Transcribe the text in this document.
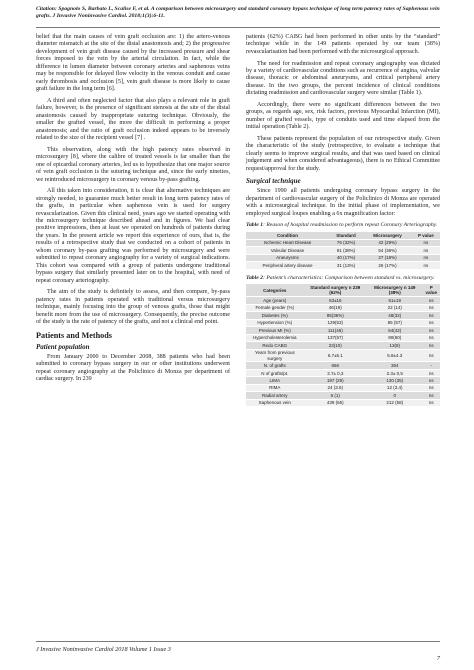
Citation: Spagnolo S, Barbato L, Scalise F, et al. A comparison between microsurgery and standard coronary bypass technique of long term patency rates of Saphenous vein grafts. J Invasive Noninvasive Cardiol. 2018;1(3):6-11.

belief that the main causes of vein graft occlusion are: 1) the artero-venous diameter mismatch at the site of the distal anastomosis and; 2) the progressive development of vein graft disease caused by the increased pressure and shear forces imposed to the vein by the arterial circulation. In fact, while the difference in lumen diameter between coronary arteries and saphenous veins may be responsible for delayed flow velocity in the venous conduit and cause early thrombosis and occlusion [5], vein graft disease is more likely to cause graft failure in the long term [6].

A third and often neglected factor that also plays a relevant role in graft failure, however, is the presence of significant stenosis at the site of the distal anastomosis caused by inappropriate suturing technique. Obviously, the smaller the grafted vessel, the more the difficult in performing a proper anastomosis; and the ratio of graft occlusion indeed appears to be inversely related to the size of the recipient vessel [7] .

This observation, along with the high patency rates observed in microsurgery [8], where the calibre of treated vessels is far smaller than the one of epicardial coronary arteries, led us to hypothesize that one major source of vein graft occlusion is the suturing technique and, since the early nineties, we reintroduced microsurgery in coronary venous by-pass grafting.

All this taken into consideration, it is clear that alternative techniques are strongly needed, to guarantee much better result in long term patency rates of the grafts, in particular when saphenous vein is used for surgery revascularization. Given this clinical need, years ago we started operating with the microsurgery technique described ahead and in figures. We had clear positive impressions, then at least we operated on hundreds of patients during the years. In the present article we report this experience of ours, that is, the results of a retrospective study that we conducted on a cohort of patients in whom coronary by-pass grafting was performed by microsurgery and were submitted to repeat coronary angiography for a variety of surgical indications. This cohort was compared with a group of patients undergone traditional bypass surgery that similarly presented later on to the hospital, with need of repeat coronary arteriography.

The aim of the study is definitely to assess, and then compare, by-pass patency rates in patients operated with traditional versus microsurgery technique, mainly focusing into the group of venous grafts, those that might benefit more from the use of microsurgery. Consequently, the precise outcome of the study is the rate of patency of the grafts, and not a clinical end point.

Patients and Methods
Patient population

From January 2000 to December 2008, 388 patients who had been submitted to coronary bypass surgery in our or other institutions underwent repeat coronary angiography at the Policlinico di Monza per department of cardiac surgery. In 239

patients (62%) CABG had been performed in other units by the “standard” technique while in the 149 patients operated by our team (38%) revascularisation had been performed with the microsurgical approach.

The need for readmission and repeat coronary angiography was dictated by a variety of cardiovascular conditions such as recurrence of angina, valvular disease, thoracic or abdominal aneurysms, and critical peripheral artery disease. In the two groups, the percent incidence of clinical conditions dictating readmission and cardiovascular surgery were similar (Table 1).

Accordingly, there were no significant differences between the two groups, as regards age, sex, risk factors, previous Myocardial Infarction (MI), number of grafted vessels, type of conduits used and time elapsed from the initial operation (Table 2).

These patients represent the population of our retrospective study. Given the characteristic of the study (retrospective, to evaluate a technique that clearly seems to improve surgical results, and that was used based on clinical judgement and when considered advantageous), there is no Ethical Committee request/approval for the study.

Surgical technique

Since 1990 all patients undergoing coronary bypass surgery in the department of cardiovascular surgery of the Policlinico di Monza are operated with a microsurgical technique. In the initial phase of implementation, we employed surgical loupes enabling a 6x magnification factor:

Table 1: Reason of hospital readmission to perform repeat Coronary Arteriography.
Condition	Standard	Microsurgery	P value
Ischemic Heart Disease	76 (32%)	42 (29%)	ns
Valvular Disease	91 (38%)	54 (36%)	ns
Aneurysms	40 (17%)	27 (18%)	ns
Peripheral artery disease	31 (13%)	26 (17%)	ns
Table 2: Patient’s characteristics: Comparison between standard vs. microsurgery.
Categories	Standard surgery n 239 (62%)	Microsurgery n 149 (38%)	P value
Age (years)	63±16	61±19	ns
Female gender (%)	46(19)	22 (14)	ns
Diabetes (%)	85(36%)	48(32)	ns
Hypertension (%)	129(53)	85 (57)	ns
Previous MI (%)	111(46)	64(42)	ns
Hypercholesterolemia	137(57)	90(60)	ns
Redo CABG	23(10)	13(8)	ns
Years from previous surgery	6.7±5.1	5.8±4.3	ns
N. of grafts	666	354	-
N of grafts/pt.	2.7± 0,3	2.3± 0,5	ns
LIMA	197 (29)	130 (35)	ns
RIMA	24 (3.6)	12 (3.4)	ns
Radial artery	6 (1)	0	ns
Saphenous vein	439 (65)	212 (58)	ns
J Invasive Noninvasive Cardiol 2018 Volume 1 Issue 3
7
